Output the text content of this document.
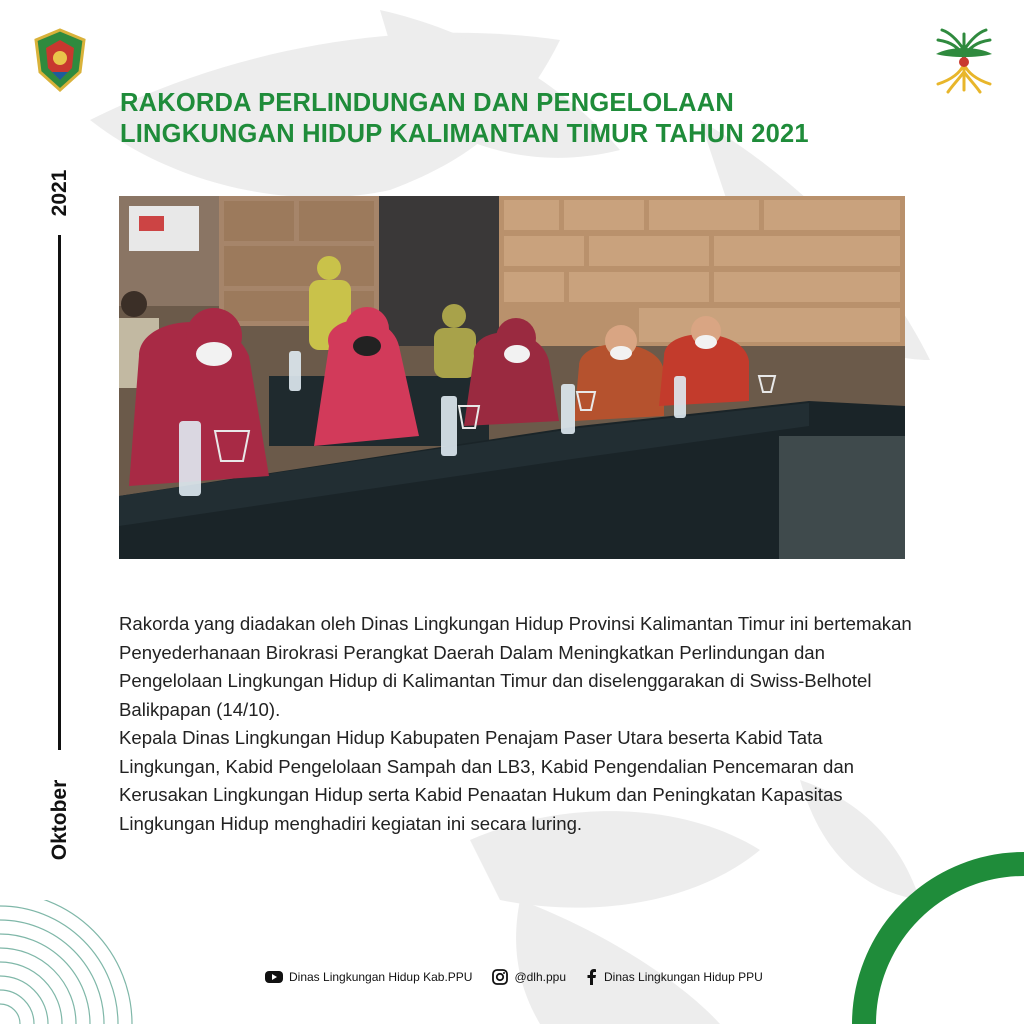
RAKORDA PERLINDUNGAN DAN PENGELOLAAN
LINGKUNGAN HIDUP KALIMANTAN TIMUR TAHUN 2021
2021
Oktober

Rakorda yang diadakan oleh Dinas Lingkungan Hidup Provinsi Kalimantan Timur ini bertemakan Penyederhanaan Birokrasi Perangkat Daerah Dalam Meningkatkan Perlindungan dan Pengelolaan Lingkungan Hidup di Kalimantan Timur dan diselenggarakan di Swiss-Belhotel Balikpapan (14/10).

Kepala Dinas Lingkungan Hidup Kabupaten Penajam Paser Utara beserta Kabid Tata Lingkungan, Kabid Pengelolaan Sampah dan LB3, Kabid Pengendalian Pencemaran dan Kerusakan Lingkungan Hidup serta Kabid Penaatan Hukum dan Peningkatan Kapasitas Lingkungan Hidup menghadiri kegiatan ini secara luring.

Dinas Lingkungan Hidup Kab.PPU	@dlh.ppu	Dinas Lingkungan Hidup PPU
